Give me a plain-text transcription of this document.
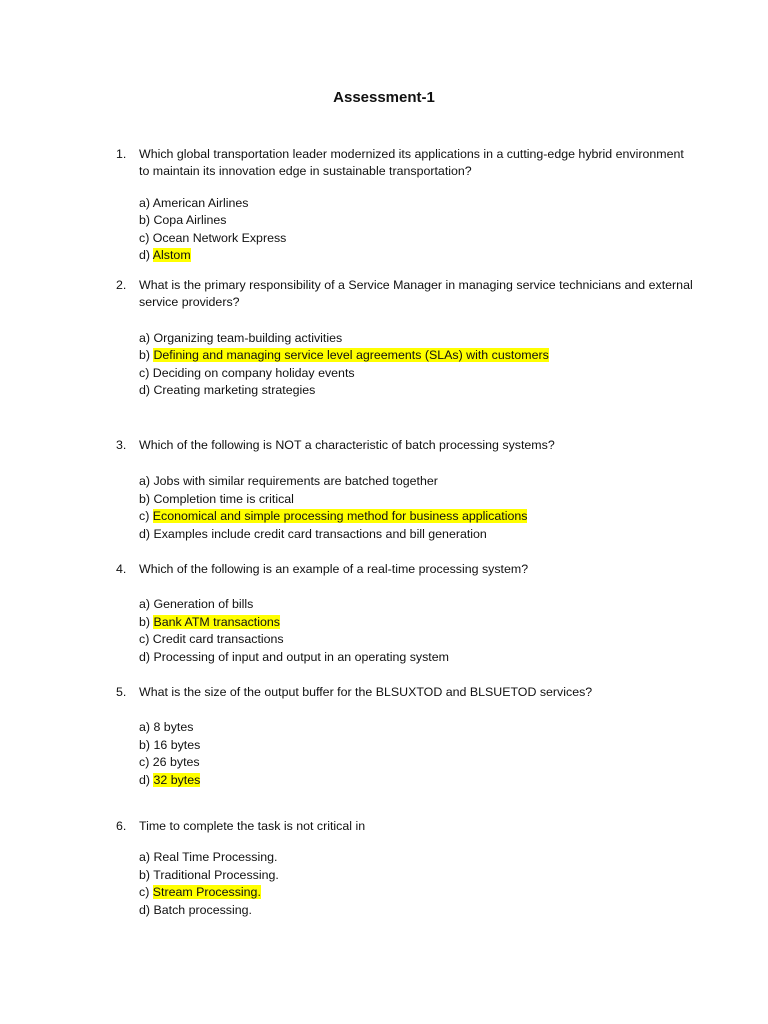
Assessment-1
1. Which global transportation leader modernized its applications in a cutting-edge hybrid environment to maintain its innovation edge in sustainable transportation?
a) American Airlines
b) Copa Airlines
c) Ocean Network Express
d) Alstom
2. What is the primary responsibility of a Service Manager in managing service technicians and external service providers?
a) Organizing team-building activities
b) Defining and managing service level agreements (SLAs) with customers
c) Deciding on company holiday events
d) Creating marketing strategies
3. Which of the following is NOT a characteristic of batch processing systems?
a) Jobs with similar requirements are batched together
b) Completion time is critical
c) Economical and simple processing method for business applications
d) Examples include credit card transactions and bill generation
4. Which of the following is an example of a real-time processing system?
a) Generation of bills
b) Bank ATM transactions
c) Credit card transactions
d) Processing of input and output in an operating system
5. What is the size of the output buffer for the BLSUXTOD and BLSUETOD services?
a) 8 bytes
b) 16 bytes
c) 26 bytes
d) 32 bytes
6. Time to complete the task is not critical in
a) Real Time Processing.
b) Traditional Processing.
c) Stream Processing.
d) Batch processing.
